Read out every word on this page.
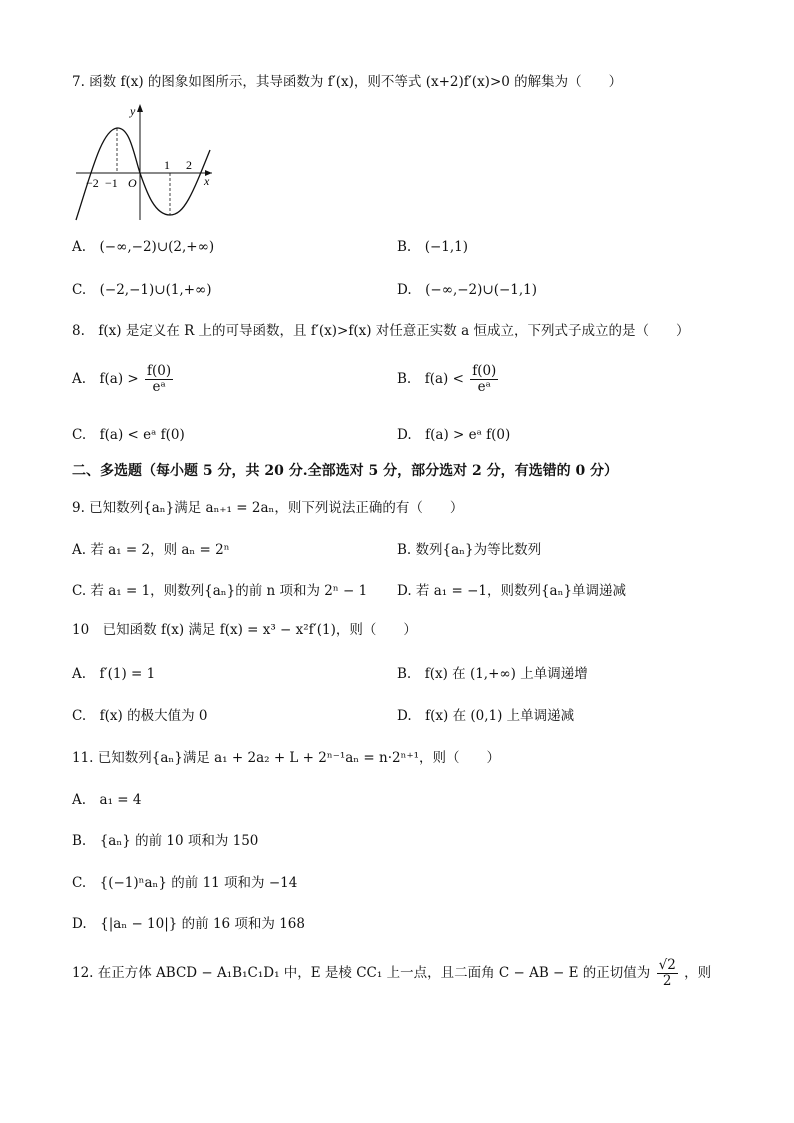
7. 函数 f(x) 的图象如图所示，其导函数为 f′(x)，则不等式 (x+2)f′(x)>0 的解集为（　　）
y
x
O
−2 −1
1 2
A.　(−∞,−2)∪(2,+∞)	B.　(−1,1)
C.　(−2,−1)∪(1,+∞)	D.　(−∞,−2)∪(−1,1)
8.　f(x) 是定义在 R 上的可导函数，且 f′(x)>f(x) 对任意正实数 a 恒成立，下列式子成立的是（　　）
A.　$f(a) > \frac{f(0)}{\text{eᵃ}}$	B.　$f(a) < \frac{f(0)}{\text{eᵃ}}$
C.　f(a) < eᵃ f(0)	D.　f(a) > eᵃ f(0)
二、多选题（每小题 5 分，共 20 分.全部选对 5 分，部分选对 2 分，有选错的 0 分）
9. 已知数列{aₙ}满足 aₙ₊₁ = 2aₙ，则下列说法正确的有（　　）
A. 若 a₁ = 2，则 aₙ = 2ⁿ	B. 数列{aₙ}为等比数列
C. 若 a₁ = 1，则数列{aₙ}的前 n 项和为 2ⁿ − 1 D. 若 a₁ = −1，则数列{aₙ}单调递减
10　已知函数 f(x) 满足 f(x) = x³ − x²f′(1)，则（　　）
A.　f′(1) = 1	B.　f(x) 在 (1,+∞) 上单调递增
C.　f(x) 的极大值为 0	D.　f(x) 在 (0,1) 上单调递减
11. 已知数列{aₙ}满足 a₁ + 2a₂ + L + 2ⁿ⁻¹aₙ = n·2ⁿ⁺¹，则（　　）
A.　a₁ = 4
B.　{aₙ} 的前 10 项和为 150
C.　{(−1)ⁿaₙ} 的前 11 项和为 −14
D.　{|aₙ − 10|} 的前 16 项和为 168
12. 在正方体 ABCD − A₁B₁C₁D₁ 中，E 是棱 CC₁ 上一点，且二面角 C − AB − E 的正切值为 $\frac{√2}{2}$ ，则
